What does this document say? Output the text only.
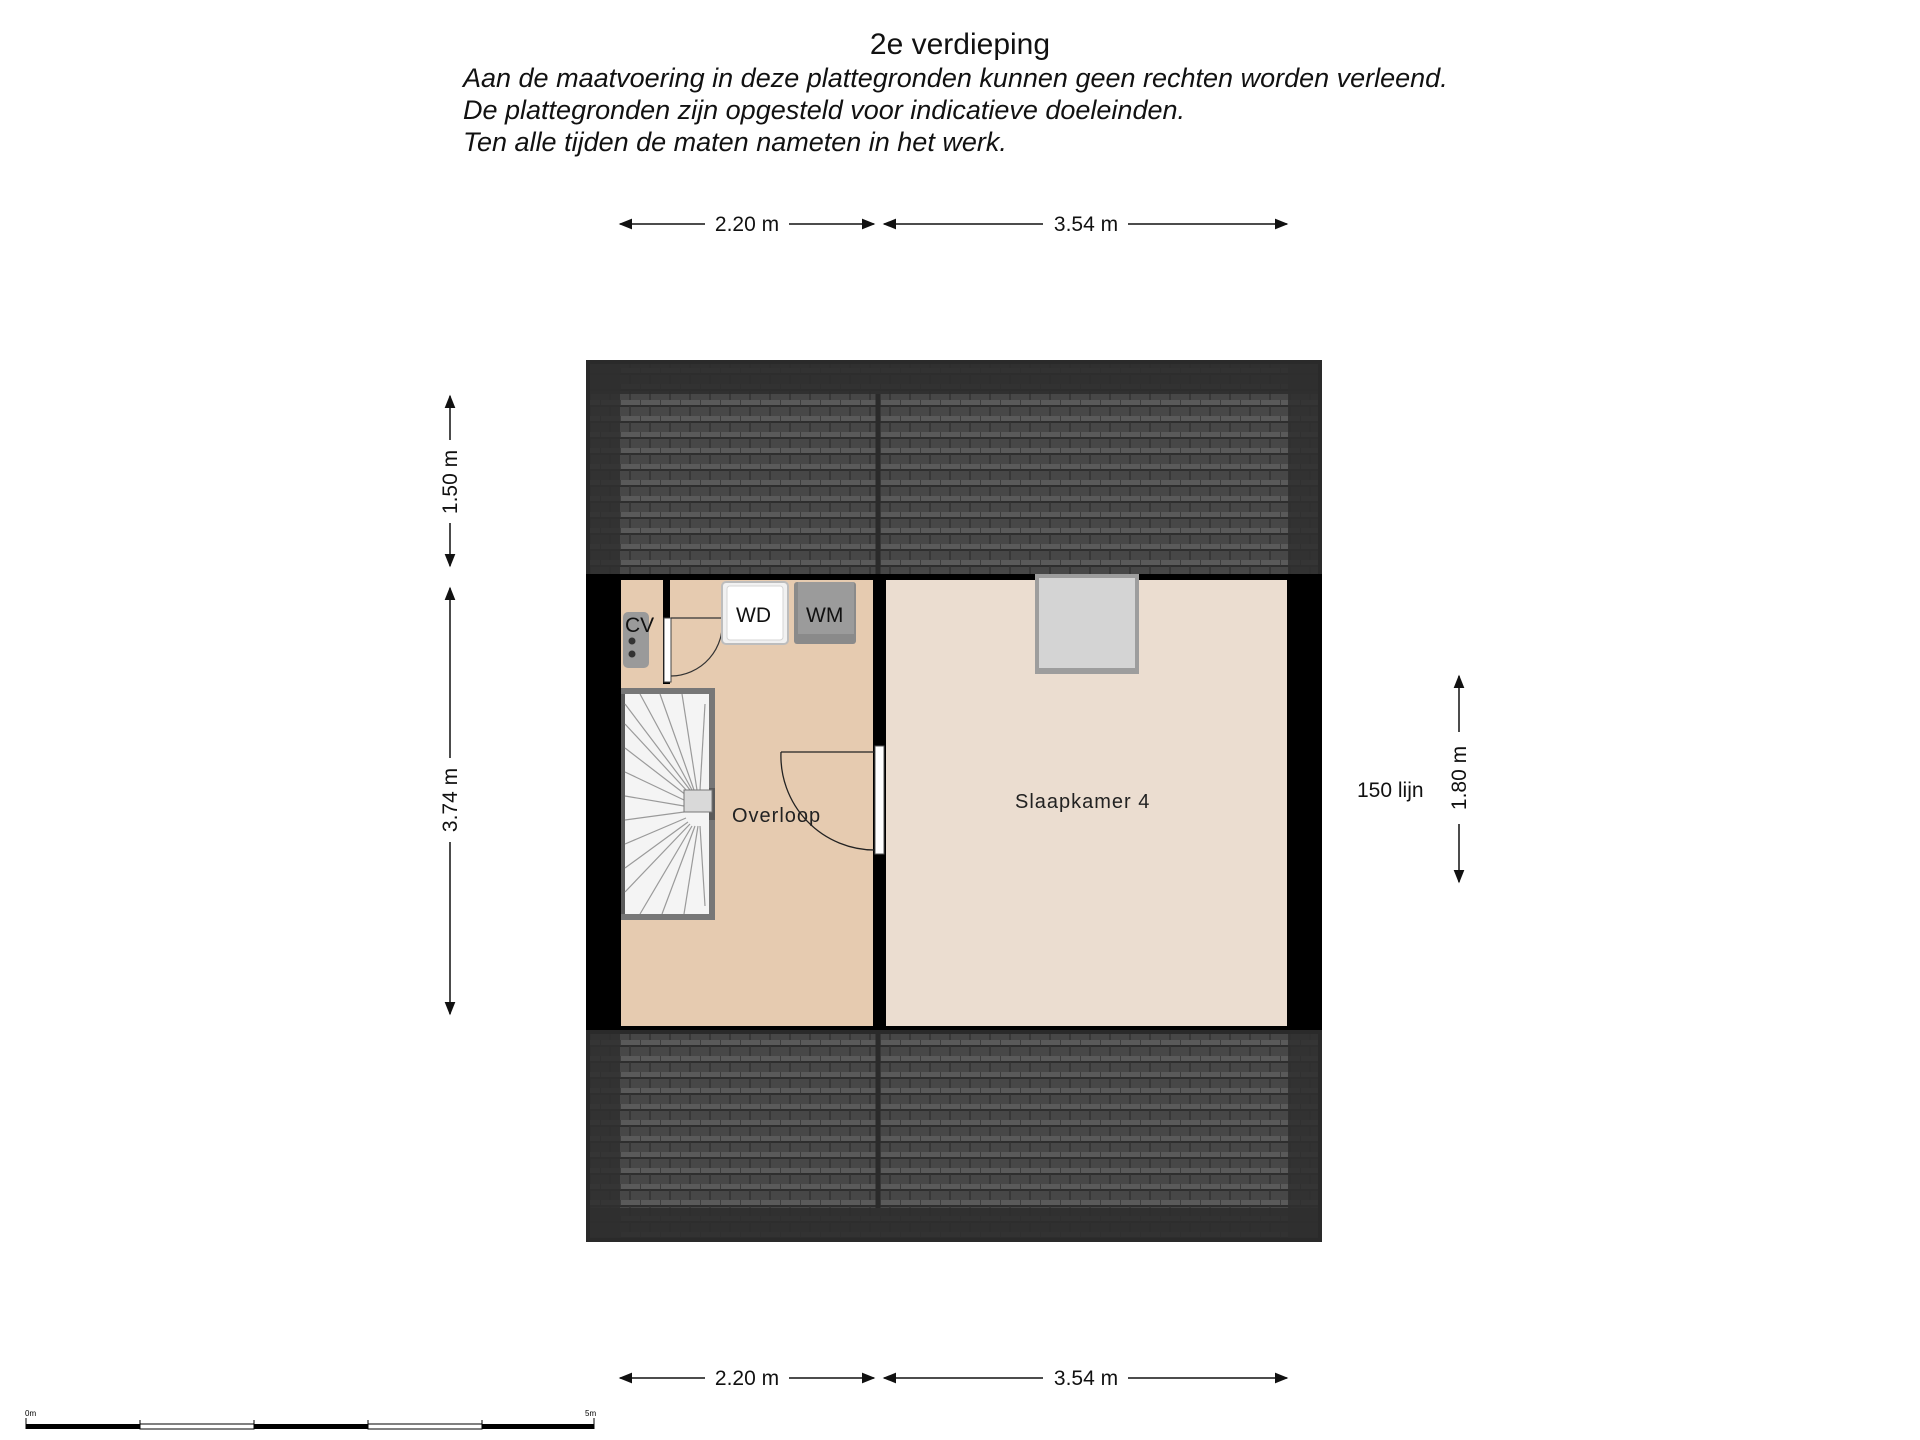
2e verdieping
Aan de maatvoering in deze plattegronden kunnen geen rechten worden verleend.
De plattegronden zijn opgesteld voor indicatieve doeleinden.
Ten alle tijden de maten nameten in het werk.
CV	WD WM
Overloop
Slaapkamer 4
2.20 m	3.54 m
2.20 m	3.54 m
1.50 m
3.74 m	1.80 m
150 lijn
0m	5m
